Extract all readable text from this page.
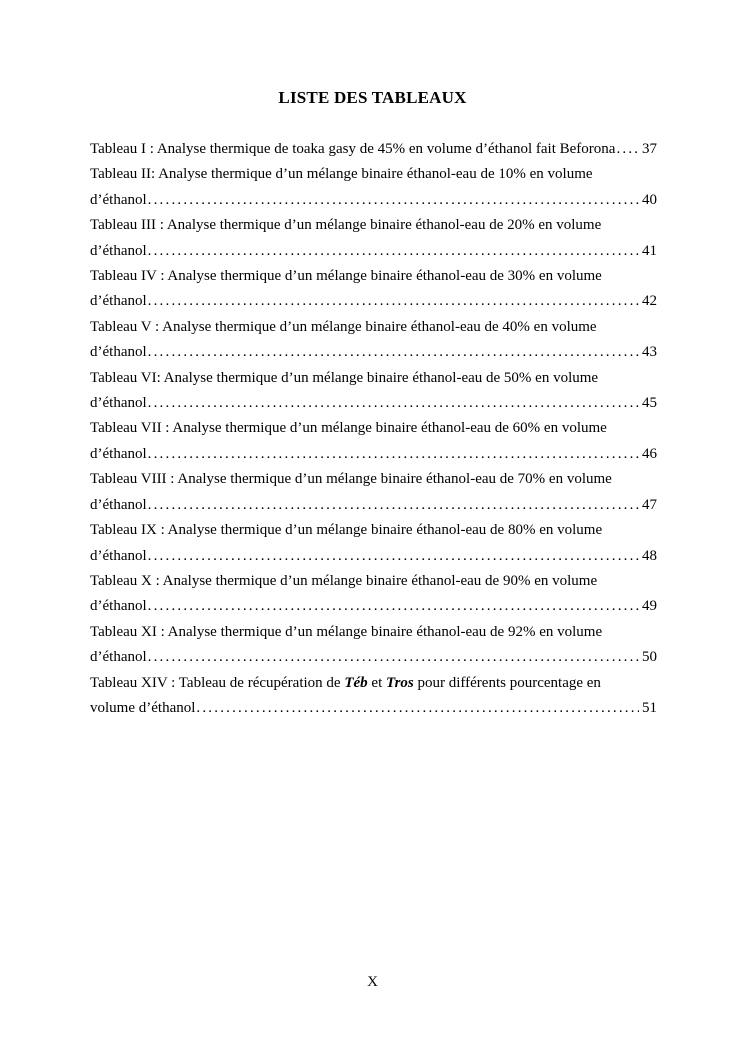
LISTE DES TABLEAUX
Tableau I : Analyse thermique de toaka gasy de 45% en volume d’éthanol fait Beforona ..... 37
Tableau II: Analyse thermique d’un mélange binaire éthanol-eau de 10% en volume
d’éthanol .....	40
Tableau III : Analyse thermique d’un mélange binaire éthanol-eau de 20% en volume
d’éthanol .....	41
Tableau IV : Analyse thermique d’un mélange binaire éthanol-eau de 30% en volume
d’éthanol .....	42
Tableau V : Analyse thermique d’un mélange binaire éthanol-eau de 40% en volume
d’éthanol .....	43
Tableau VI: Analyse thermique d’un mélange binaire éthanol-eau de 50% en volume
d’éthanol .....	45
Tableau VII : Analyse thermique d’un mélange binaire éthanol-eau de 60% en volume
d’éthanol .....	46
Tableau VIII : Analyse thermique d’un mélange binaire éthanol-eau de 70% en volume
d’éthanol .....	47
Tableau IX : Analyse thermique d’un mélange binaire éthanol-eau de 80% en volume
d’éthanol .....	48
Tableau X : Analyse thermique d’un mélange binaire éthanol-eau de 90% en volume
d’éthanol .....	49
Tableau XI : Analyse thermique d’un mélange binaire éthanol-eau de 92% en volume
d’éthanol .....	50
Tableau XIV : Tableau de récupération de Téb et Tros pour différents pourcentage en
volume d’éthanol .....	51
X
